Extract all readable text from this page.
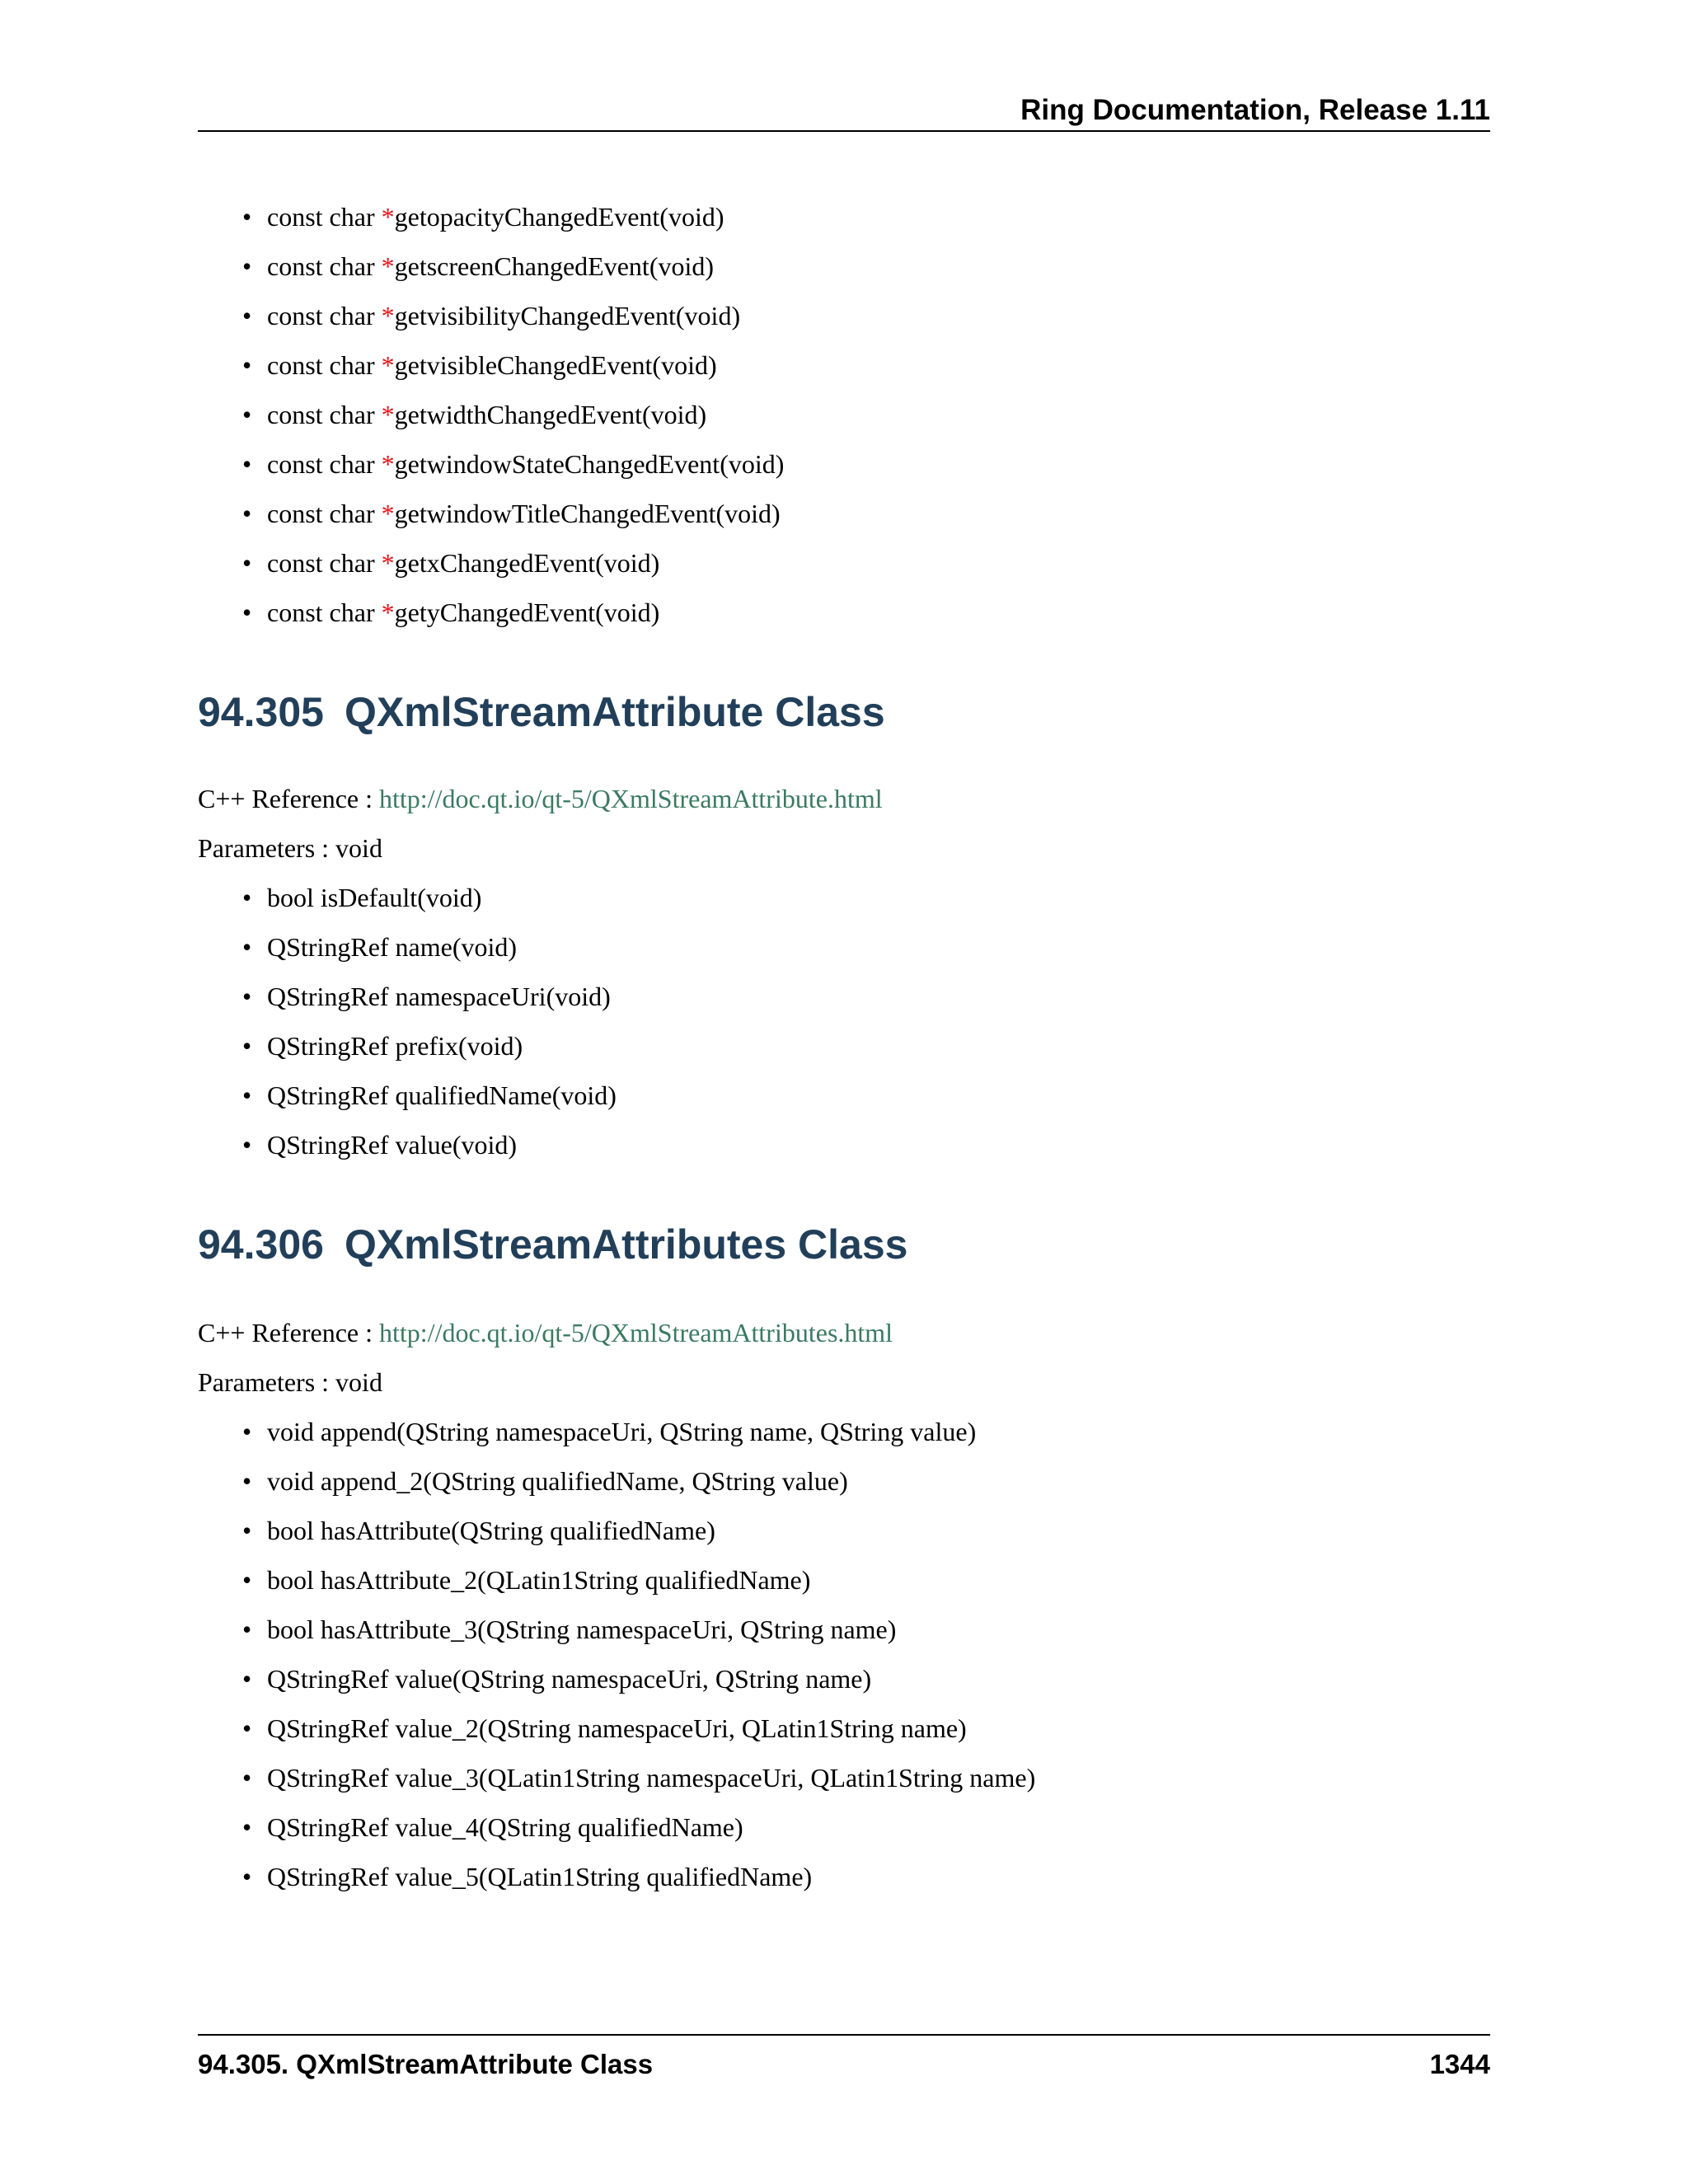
Ring Documentation, Release 1.11
• const char *getopacityChangedEvent(void)
• const char *getscreenChangedEvent(void)
• const char *getvisibilityChangedEvent(void)
• const char *getvisibleChangedEvent(void)
• const char *getwidthChangedEvent(void)
• const char *getwindowStateChangedEvent(void)
• const char *getwindowTitleChangedEvent(void)
• const char *getxChangedEvent(void)
• const char *getyChangedEvent(void)
94.305 QXmlStreamAttribute Class
C++ Reference : http://doc.qt.io/qt-5/QXmlStreamAttribute.html
Parameters : void
• bool isDefault(void)
• QStringRef name(void)
• QStringRef namespaceUri(void)
• QStringRef prefix(void)
• QStringRef qualifiedName(void)
• QStringRef value(void)
94.306 QXmlStreamAttributes Class
C++ Reference : http://doc.qt.io/qt-5/QXmlStreamAttributes.html
Parameters : void
• void append(QString namespaceUri, QString name, QString value)
• void append_2(QString qualifiedName, QString value)
• bool hasAttribute(QString qualifiedName)
• bool hasAttribute_2(QLatin1String qualifiedName)
• bool hasAttribute_3(QString namespaceUri, QString name)
• QStringRef value(QString namespaceUri, QString name)
• QStringRef value_2(QString namespaceUri, QLatin1String name)
• QStringRef value_3(QLatin1String namespaceUri, QLatin1String name)
• QStringRef value_4(QString qualifiedName)
• QStringRef value_5(QLatin1String qualifiedName)
94.305. QXmlStreamAttribute Class	1344
